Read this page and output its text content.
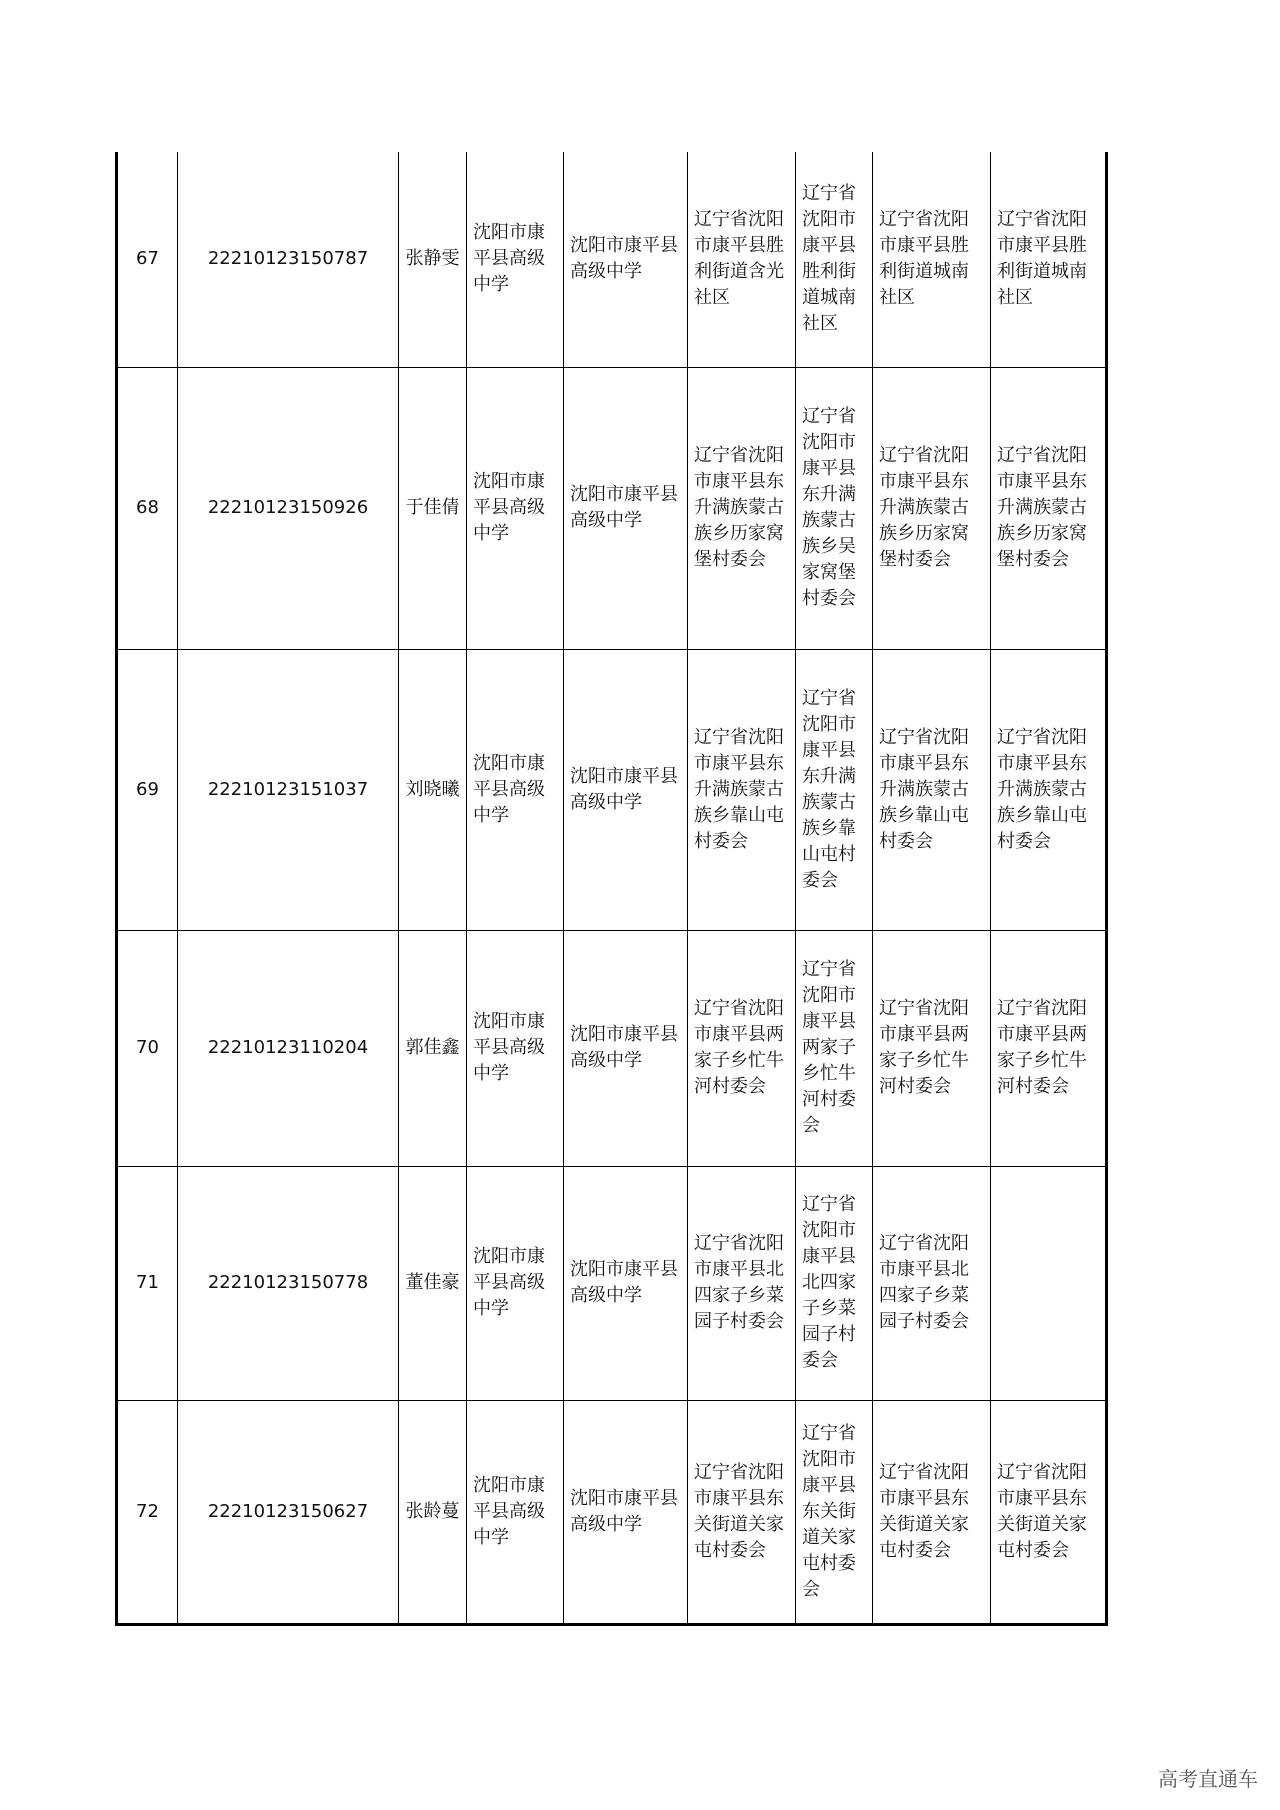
67	22210123150787	张静雯	沈阳市康平县高级中学	沈阳市康平县高级中学	辽宁省沈阳市康平县胜利街道含光社区	辽宁省沈阳市康平县胜利街道城南社区	辽宁省沈阳市康平县胜利街道城南社区	辽宁省沈阳市康平县胜利街道城南社区
68	22210123150926	于佳倩	沈阳市康平县高级中学	沈阳市康平县高级中学	辽宁省沈阳市康平县东升满族蒙古族乡历家窝堡村委会	辽宁省沈阳市康平县东升满族蒙古族乡吴家窝堡村委会	辽宁省沈阳市康平县东升满族蒙古族乡历家窝堡村委会	辽宁省沈阳市康平县东升满族蒙古族乡历家窝堡村委会
69	22210123151037	刘晓曦	沈阳市康平县高级中学	沈阳市康平县高级中学	辽宁省沈阳市康平县东升满族蒙古族乡靠山屯村委会	辽宁省沈阳市康平县东升满族蒙古族乡靠山屯村委会	辽宁省沈阳市康平县东升满族蒙古族乡靠山屯村委会	辽宁省沈阳市康平县东升满族蒙古族乡靠山屯村委会
70	22210123110204	郭佳鑫	沈阳市康平县高级中学	沈阳市康平县高级中学	辽宁省沈阳市康平县两家子乡忙牛河村委会	辽宁省沈阳市康平县两家子乡忙牛河村委会	辽宁省沈阳市康平县两家子乡忙牛河村委会	辽宁省沈阳市康平县两家子乡忙牛河村委会
71	22210123150778	董佳豪	沈阳市康平县高级中学	沈阳市康平县高级中学	辽宁省沈阳市康平县北四家子乡菜园子村委会	辽宁省沈阳市康平县北四家子乡菜园子村委会	辽宁省沈阳市康平县北四家子乡菜园子村委会	
72	22210123150627	张龄蔓	沈阳市康平县高级中学	沈阳市康平县高级中学	辽宁省沈阳市康平县东关街道关家屯村委会	辽宁省沈阳市康平县东关街道关家屯村委会	辽宁省沈阳市康平县东关街道关家屯村委会	辽宁省沈阳市康平县东关街道关家屯村委会
高考直通车
